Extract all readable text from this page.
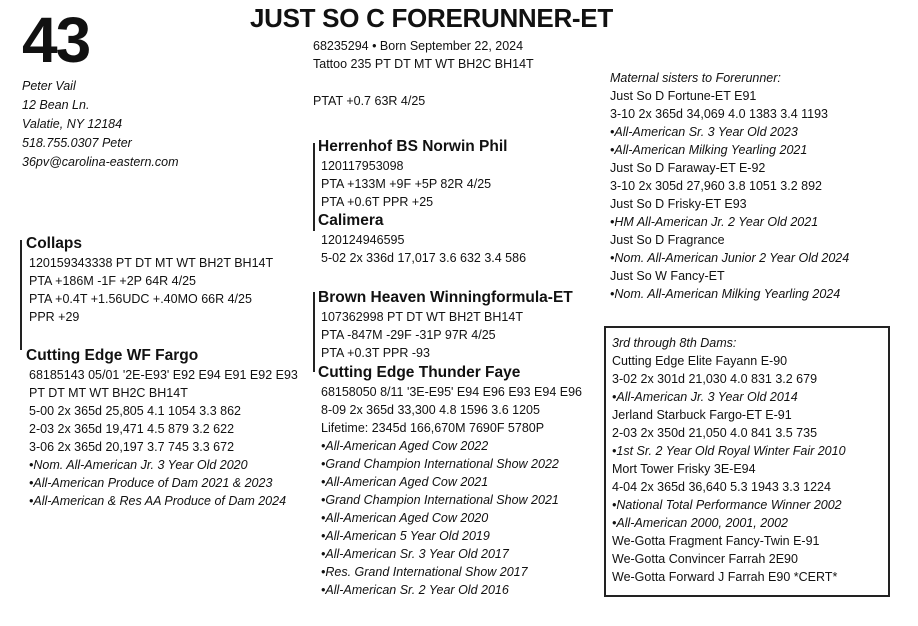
43	JUST SO C FORERUNNER-ET
Peter Vail
12 Bean Ln.
Valatie, NY 12184
518.755.0307 Peter
36pv@carolina-eastern.com
68235294 • Born September 22, 2024
Tattoo 235 PT DT MT WT BH2C BH14T
PTAT +0.7 63R 4/25
Herrenhof BS Norwin Phil
120117953098
PTA +133M +9F +5P 82R 4/25
PTA +0.6T PPR +25
Calimera
120124946595
5-02 2x 336d 17,017 3.6 632 3.4 586
Collaps
120159343338 PT DT MT WT BH2T BH14T
PTA +186M -1F +2P 64R 4/25
PTA +0.4T +1.56UDC +.40MO 66R 4/25
PPR +29
Brown Heaven Winningformula-ET
107362998 PT DT WT BH2T BH14T
PTA -847M -29F -31P 97R 4/25
PTA +0.3T PPR -93
Cutting Edge Thunder Faye
68158050 8/11 '3E-E95' E94 E96 E93 E94 E96
8-09 2x 365d 33,300 4.8 1596 3.6 1205
Lifetime: 2345d 166,670M 7690F 5780P
•All-American Aged Cow 2022
•Grand Champion International Show 2022
•All-American Aged Cow 2021
•Grand Champion International Show 2021
•All-American Aged Cow 2020
•All-American 5 Year Old 2019
•All-American Sr. 3 Year Old 2017
•Res. Grand International Show 2017
•All-American Sr. 2 Year Old 2016
Cutting Edge WF Fargo
68185143 05/01 '2E-E93' E92 E94 E91 E92 E93
PT DT MT WT BH2C BH14T
5-00 2x 365d 25,805 4.1 1054 3.3 862
2-03 2x 365d 19,471 4.5 879 3.2 622
3-06 2x 365d 20,197 3.7 745 3.3 672
•Nom. All-American Jr. 3 Year Old 2020
•All-American Produce of Dam 2021 & 2023
•All-American & Res AA Produce of Dam 2024
Maternal sisters to Forerunner:
Just So D Fortune-ET E91
3-10 2x 365d 34,069 4.0 1383 3.4 1193
•All-American Sr. 3 Year Old 2023
•All-American Milking Yearling 2021
Just So D Faraway-ET E-92
3-10 2x 305d 27,960 3.8 1051 3.2 892
Just So D Frisky-ET E93
•HM All-American Jr. 2 Year Old 2021
Just So D Fragrance
•Nom. All-American Junior 2 Year Old 2024
Just So W Fancy-ET
•Nom. All-American Milking Yearling 2024
3rd through 8th Dams:
Cutting Edge Elite Fayann E-90
3-02 2x 301d 21,030 4.0 831 3.2 679
•All-American Jr. 3 Year Old 2014
Jerland Starbuck Fargo-ET E-91
2-03 2x 350d 21,050 4.0 841 3.5 735
•1st Sr. 2 Year Old Royal Winter Fair 2010
Mort Tower Frisky 3E-E94
4-04 2x 365d 36,640 5.3 1943 3.3 1224
•National Total Performance Winner 2002
•All-American 2000, 2001, 2002
We-Gotta Fragment Fancy-Twin E-91
We-Gotta Convincer Farrah 2E90
We-Gotta Forward J Farrah E90 *CERT*
